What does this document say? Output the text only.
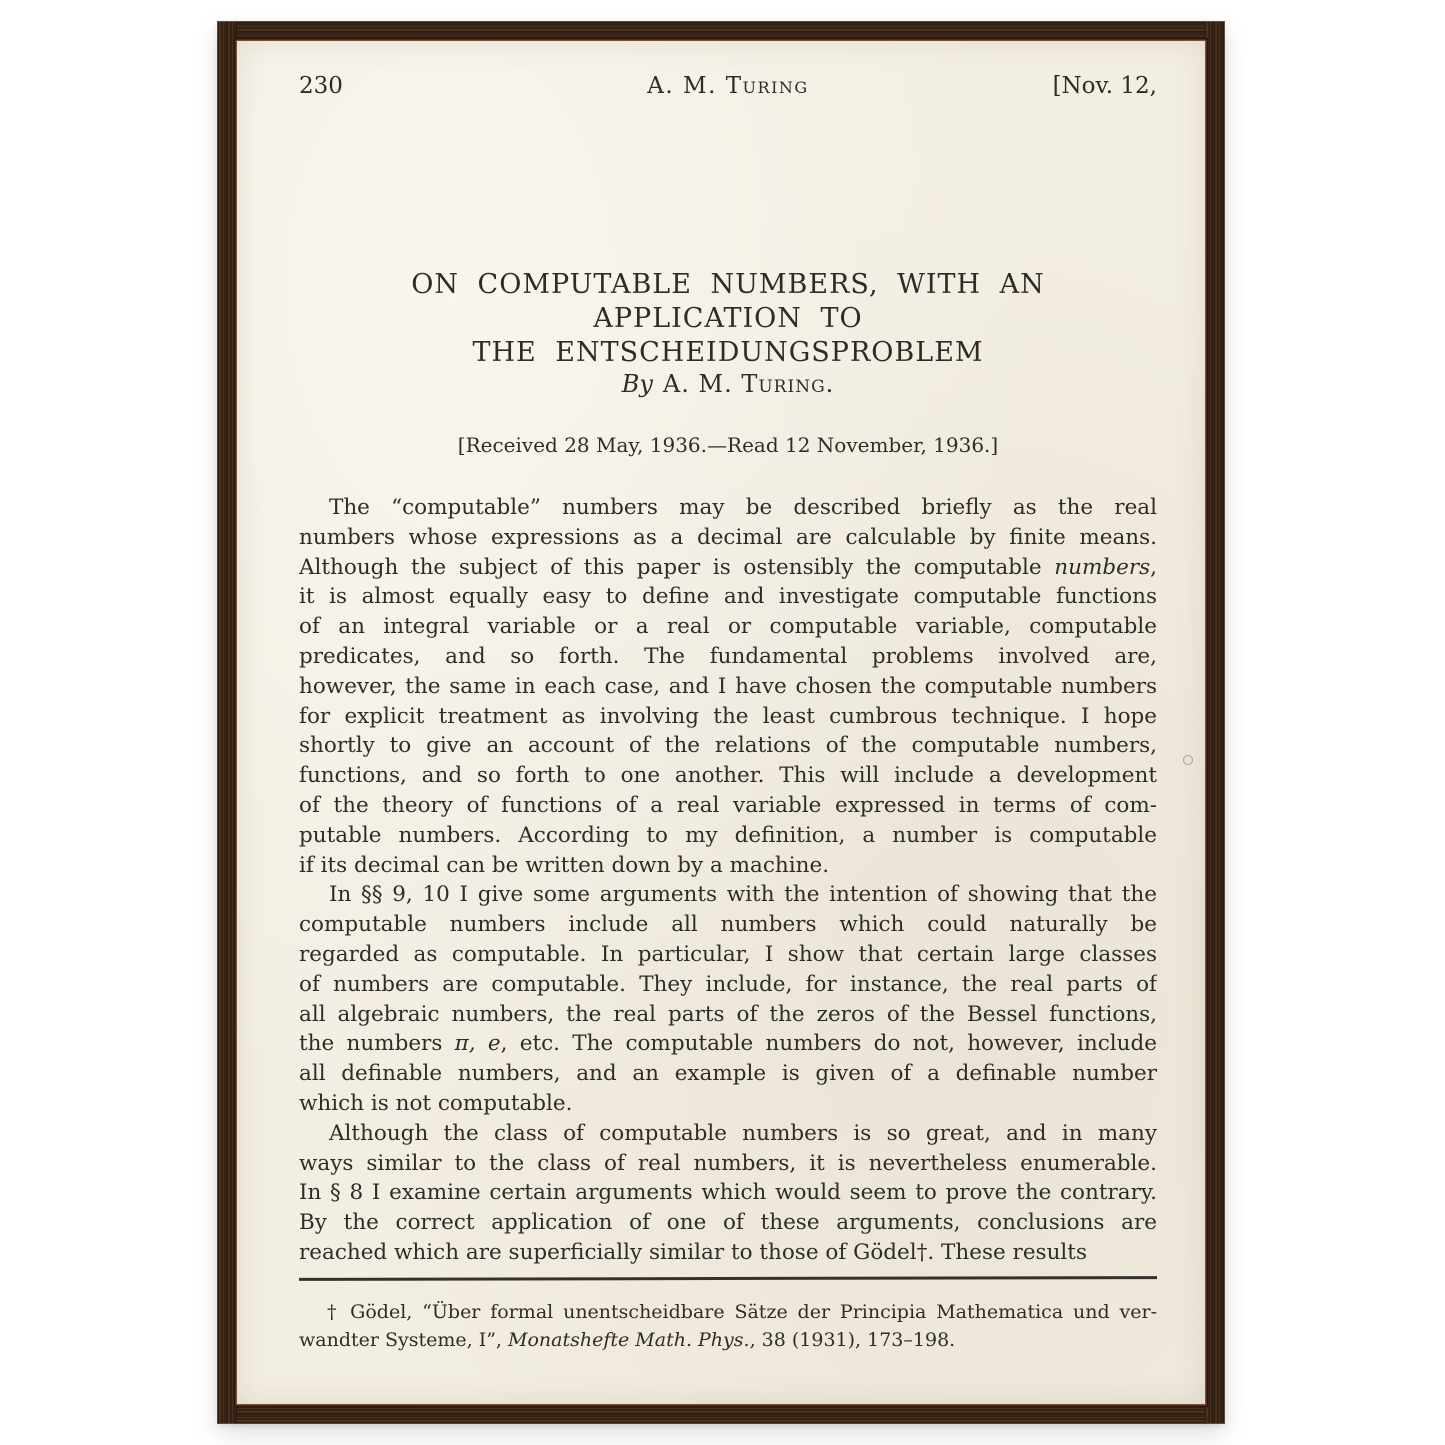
230	A. M. Turing	[Nov. 12,
ON COMPUTABLE NUMBERS, WITH AN APPLICATION TO
THE ENTSCHEIDUNGSPROBLEM
By A. M. Turing.
[Received 28 May, 1936.—Read 12 November, 1936.]
The “computable” numbers may be described briefly as the real
numbers whose expressions as a decimal are calculable by finite means.
Although the subject of this paper is ostensibly the computable numbers,
it is almost equally easy to define and investigate computable functions
of an integral variable or a real or computable variable, computable
predicates, and so forth. The fundamental problems involved are,
however, the same in each case, and I have chosen the computable numbers
for explicit treatment as involving the least cumbrous technique. I hope
shortly to give an account of the relations of the computable numbers,
functions, and so forth to one another. This will include a development
of the theory of functions of a real variable expressed in terms of com-
putable numbers. According to my definition, a number is computable
if its decimal can be written down by a machine.
In §§ 9, 10 I give some arguments with the intention of showing that the
computable numbers include all numbers which could naturally be
regarded as computable. In particular, I show that certain large classes
of numbers are computable. They include, for instance, the real parts of
all algebraic numbers, the real parts of the zeros of the Bessel functions,
the numbers π, e, etc. The computable numbers do not, however, include
all definable numbers, and an example is given of a definable number
which is not computable.
Although the class of computable numbers is so great, and in many
ways similar to the class of real numbers, it is nevertheless enumerable.
In § 8 I examine certain arguments which would seem to prove the contrary.
By the correct application of one of these arguments, conclusions are
reached which are superficially similar to those of Gödel†. These results
† Gödel, “Über formal unentscheidbare Sätze der Principia Mathematica und ver-
wandter Systeme, I”, Monatshefte Math. Phys., 38 (1931), 173–198.
